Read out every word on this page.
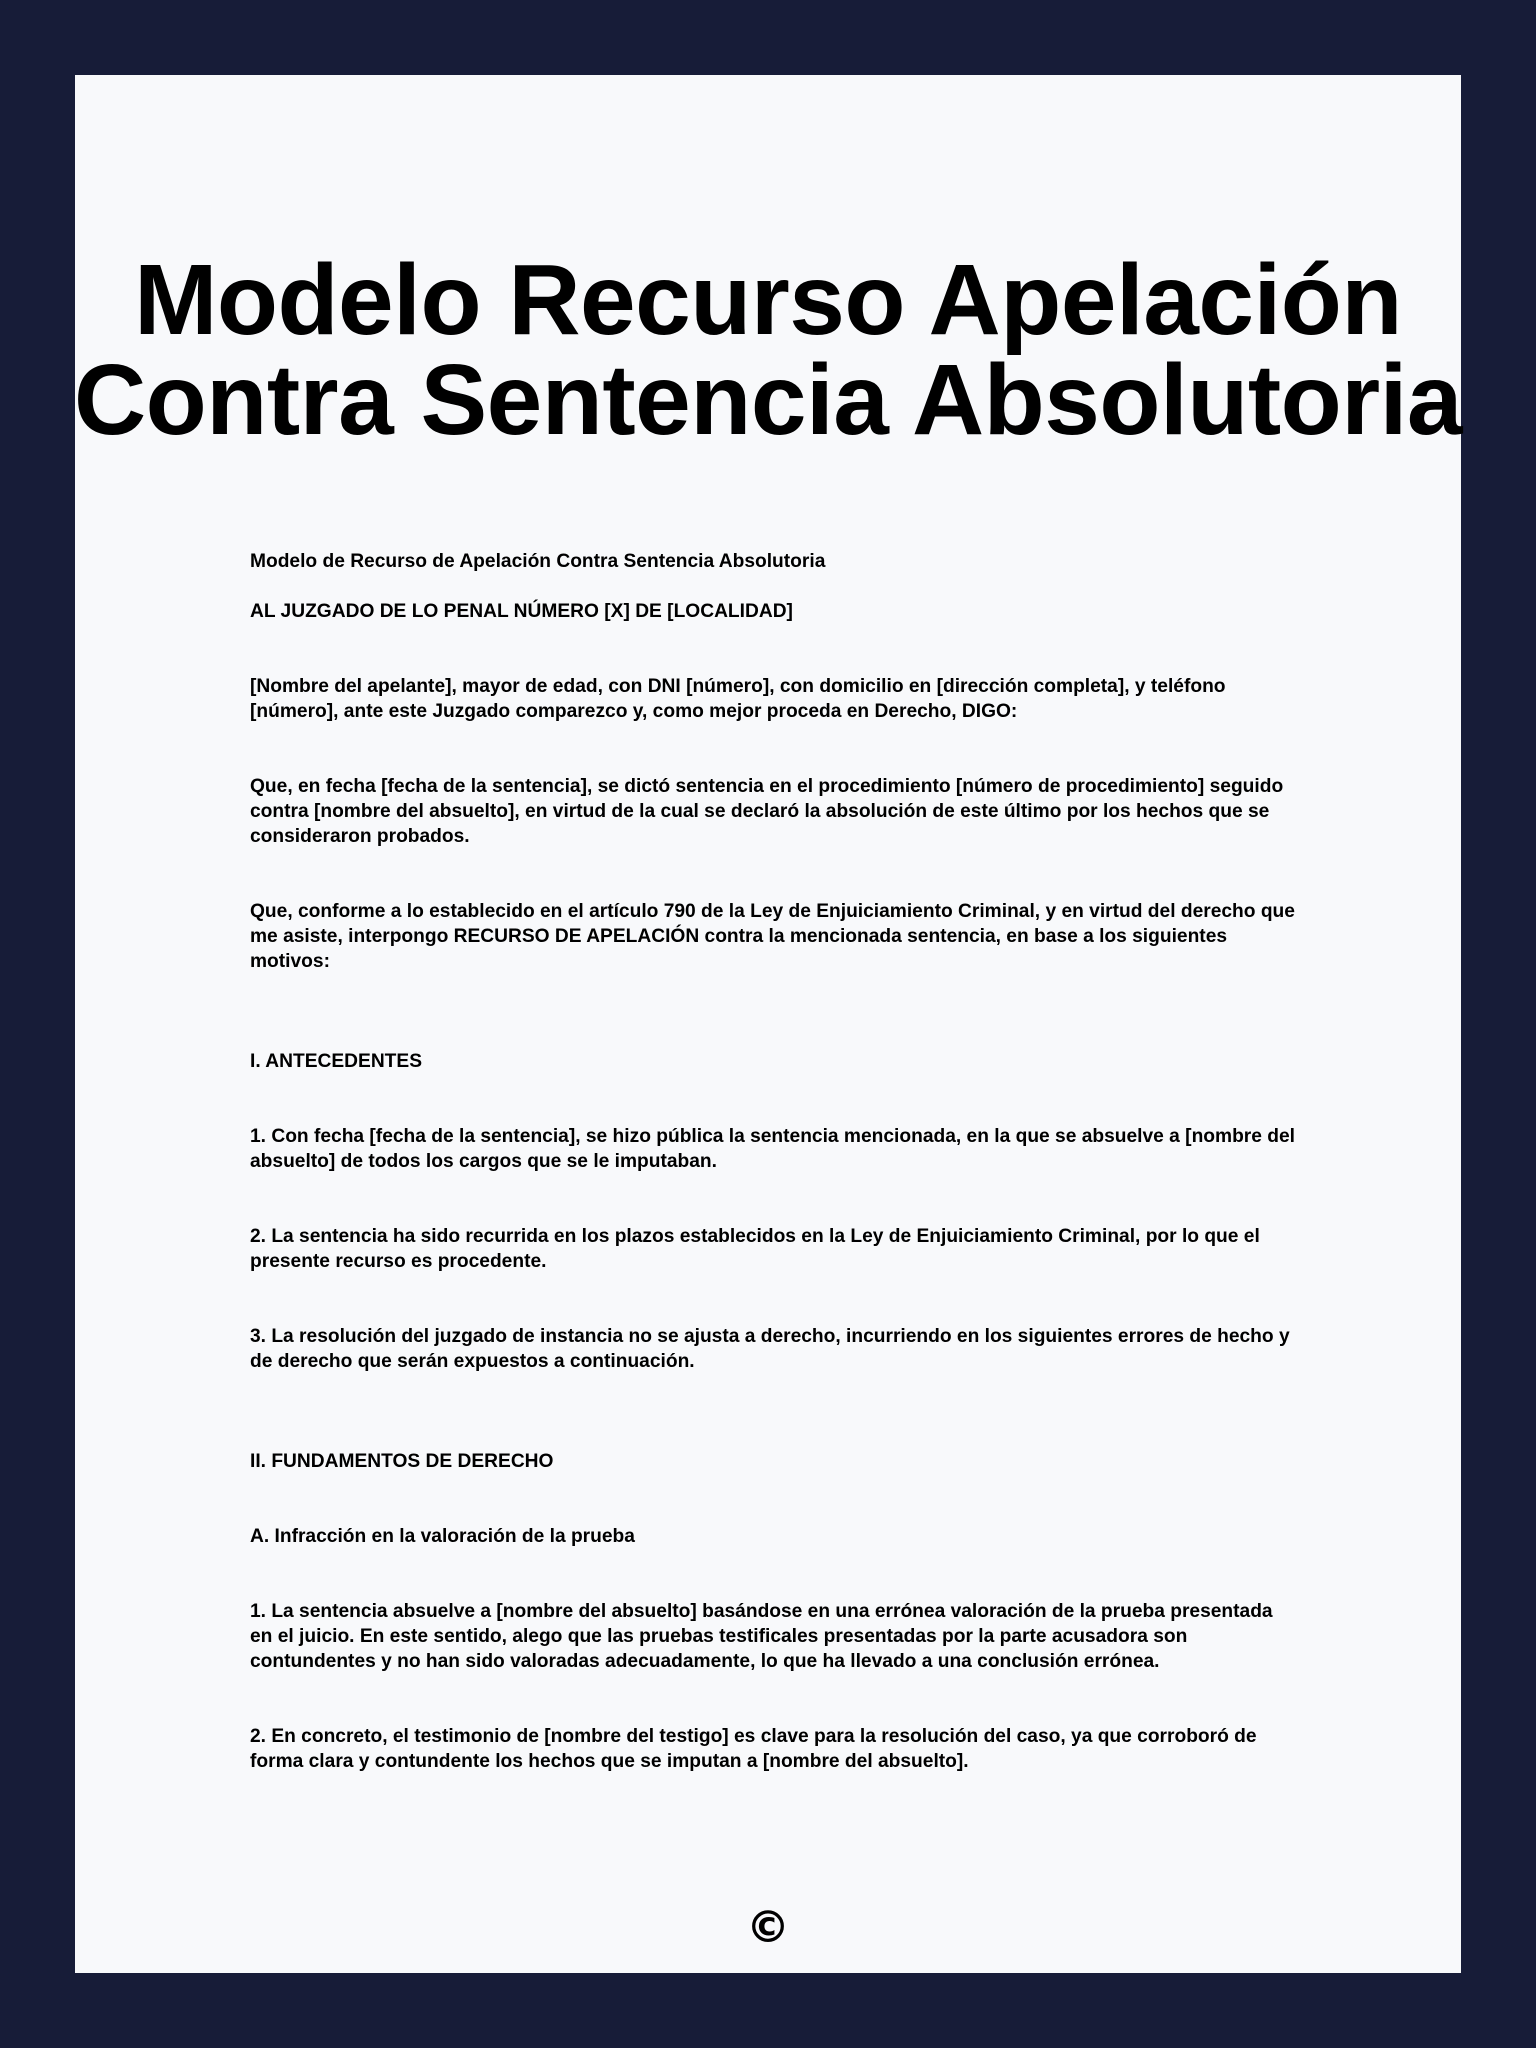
Modelo Recurso Apelación
Contra Sentencia Absolutoria

Modelo de Recurso de Apelación Contra Sentencia Absolutoria

AL JUZGADO DE LO PENAL NÚMERO [X] DE [LOCALIDAD]

[Nombre del apelante], mayor de edad, con DNI [número], con domicilio en [dirección completa], y teléfono [número], ante este Juzgado comparezco y, como mejor proceda en Derecho, DIGO:

Que, en fecha [fecha de la sentencia], se dictó sentencia en el procedimiento [número de procedimiento] seguido contra [nombre del absuelto], en virtud de la cual se declaró la absolución de este último por los hechos que se consideraron probados.

Que, conforme a lo establecido en el artículo 790 de la Ley de Enjuiciamiento Criminal, y en virtud del derecho que me asiste, interpongo RECURSO DE APELACIÓN contra la mencionada sentencia, en base a los siguientes motivos:

I. ANTECEDENTES

1. Con fecha [fecha de la sentencia], se hizo pública la sentencia mencionada, en la que se absuelve a [nombre del absuelto] de todos los cargos que se le imputaban.

2. La sentencia ha sido recurrida en los plazos establecidos en la Ley de Enjuiciamiento Criminal, por lo que el presente recurso es procedente.

3. La resolución del juzgado de instancia no se ajusta a derecho, incurriendo en los siguientes errores de hecho y de derecho que serán expuestos a continuación.

II. FUNDAMENTOS DE DERECHO

A. Infracción en la valoración de la prueba

1. La sentencia absuelve a [nombre del absuelto] basándose en una errónea valoración de la prueba presentada en el juicio. En este sentido, alego que las pruebas testificales presentadas por la parte acusadora son contundentes y no han sido valoradas adecuadamente, lo que ha llevado a una conclusión errónea.

2. En concreto, el testimonio de [nombre del testigo] es clave para la resolución del caso, ya que corroboró de forma clara y contundente los hechos que se imputan a [nombre del absuelto].

©
